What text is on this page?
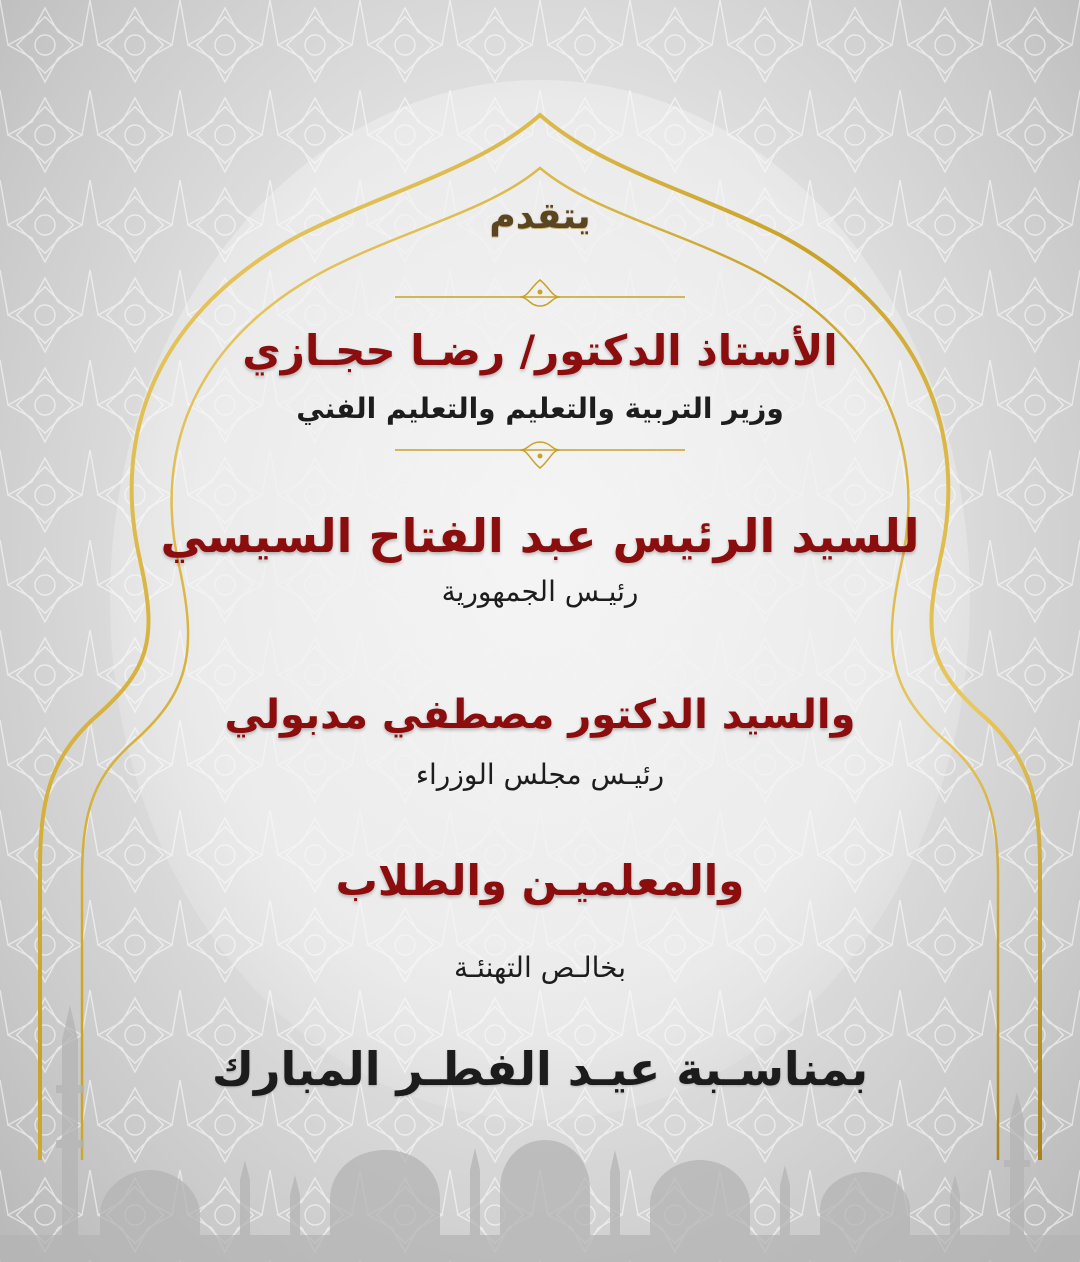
يتقدم

الأستاذ الدكتور/ رضـا حجـازي

وزير التربية والتعليم والتعليم الفني

للسيد الرئيس عبد الفتاح السيسي

رئيـس الجمهورية

والسيد الدكتور مصطفي مدبولي

رئيـس مجلس الوزراء

والمعلميـن والطلاب

بخالـص التهنئـة

بمناسـبة عيـد الفطـر المبارك
